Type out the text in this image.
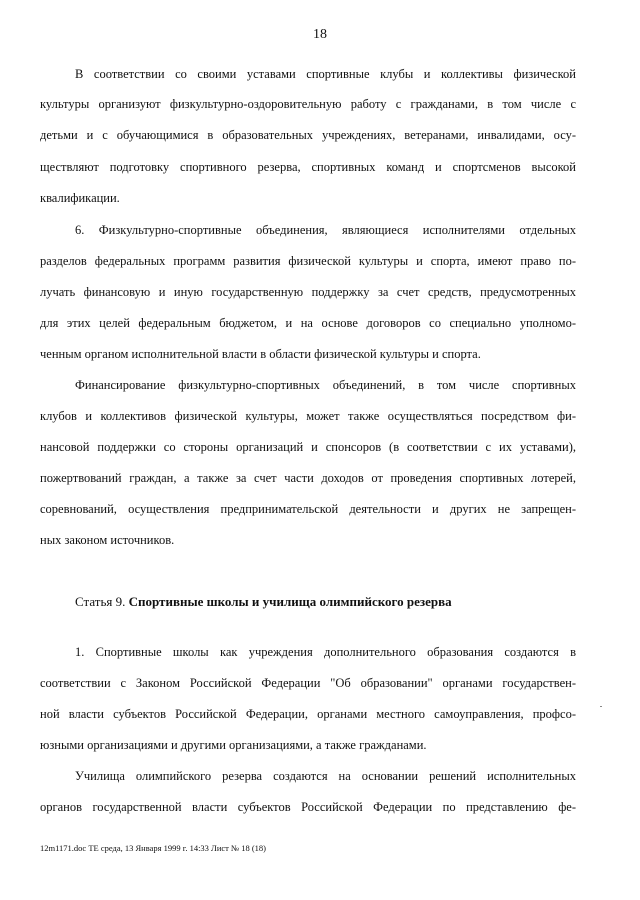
18
В соответствии со своими уставами спортивные клубы и коллективы физической
культуры организуют физкультурно-оздоровительную работу с гражданами, в том числе с
детьми и с обучающимися в образовательных учреждениях, ветеранами, инвалидами, осу-
ществляют подготовку спортивного резерва, спортивных команд и спортсменов высокой
квалификации.
6. Физкультурно-спортивные объединения, являющиеся исполнителями отдельных
разделов федеральных программ развития физической культуры и спорта, имеют право по-
лучать финансовую и иную государственную поддержку за счет средств, предусмотренных
для этих целей федеральным бюджетом, и на основе договоров со специально уполномо-
ченным органом исполнительной власти в области физической культуры и спорта.
Финансирование физкультурно-спортивных объединений, в том числе спортивных
клубов и коллективов физической культуры, может также осуществляться посредством фи-
нансовой поддержки со стороны организаций и спонсоров (в соответствии с их уставами),
пожертвований граждан, а также за счет части доходов от проведения спортивных лотерей,
соревнований, осуществления предпринимательской деятельности и других не запрещен-
ных законом источников.
Статья 9. Спортивные школы и училища олимпийского резерва
1. Спортивные школы как учреждения дополнительного образования создаются в
соответствии с Законом Российской Федерации "Об образовании" органами государствен-
ной власти субъектов Российской Федерации, органами местного самоуправления, профсо-
юзными организациями и другими организациями, а также гражданами.
Училища олимпийского резерва создаются на основании решений исполнительных
органов государственной власти субъектов Российской Федерации по представлению фе-
12m1171.doc ТЕ среда, 13 Января 1999 г. 14:33 Лист № 18 (18)
